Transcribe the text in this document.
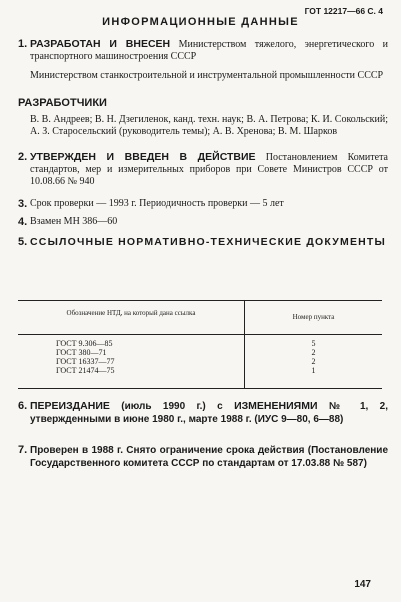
ГОТ 12217—66 С. 4
ИНФОРМАЦИОННЫЕ ДАННЫЕ
1. РАЗРАБОТАН И ВНЕСЕН Министерством тяжелого, энергетического и транспортного машиностроения СССР
Министерством станкостроительной и инструментальной промышленности СССР
РАЗРАБОТЧИКИ
В. В. Андреев; В. Н. Дзегиленок, канд. техн. наук; В. А. Петрова; К. И. Сокольский; А. З. Старосельский (руководитель темы); А. В. Хренова; В. М. Шарков
2. УТВЕРЖДЕН И ВВЕДЕН В ДЕЙСТВИЕ Постановлением Комитета стандартов, мер и измерительных приборов при Совете Министров СССР от 10.08.66 № 940
3. Срок проверки — 1993 г. Периодичность проверки — 5 лет
4. Взамен МН 386—60
5. ССЫЛОЧНЫЕ НОРМАТИВНО-ТЕХНИЧЕСКИЕ ДОКУМЕНТЫ
Обозначение НТД, на который дана ссылка	Номер пункта
ГОСТ 9.306—85	5
ГОСТ 380—71	2
ГОСТ 16337—77	2
ГОСТ 21474—75	1
6. ПЕРЕИЗДАНИЕ (июль 1990 г.) с ИЗМЕНЕНИЯМИ № 1, 2, утвержденными в июне 1980 г., марте 1988 г. (ИУС 9—80, 6—88)
7. Проверен в 1988 г. Снято ограничение срока действия (Постановление Государственного комитета СССР по стандартам от 17.03.88 № 587)
147
